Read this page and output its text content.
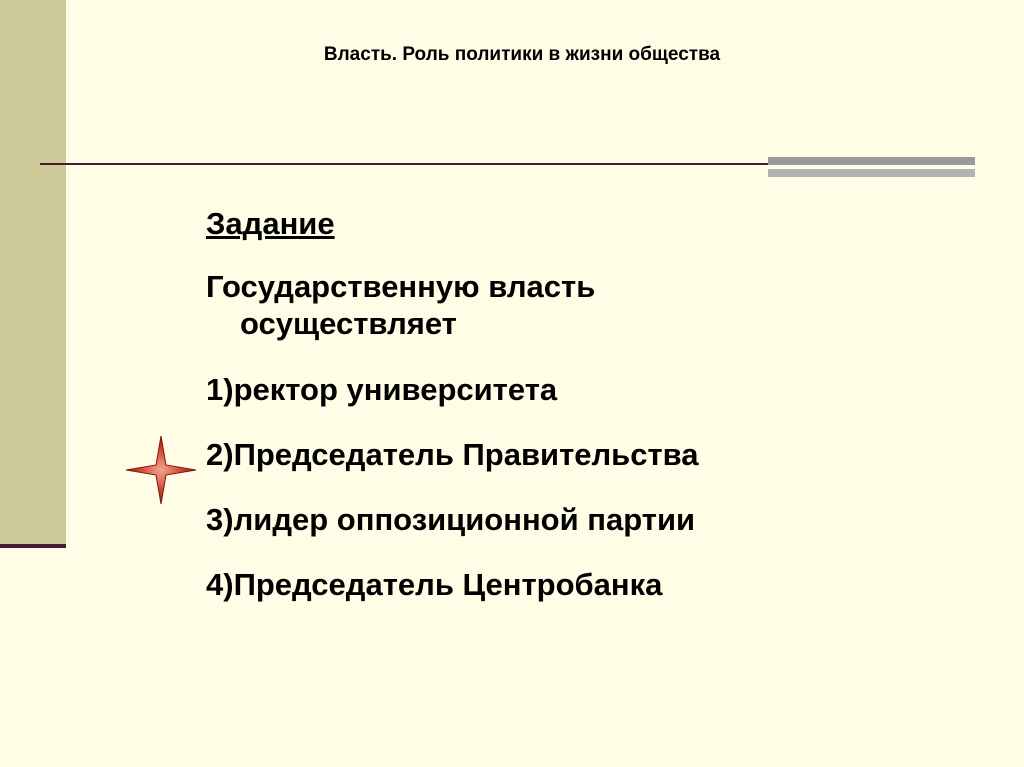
Власть. Роль политики в жизни общества
Задание
Государственную власть
осуществляет
1) ректор университета
2) Председатель Правительства
3) лидер оппозиционной партии
4) Председатель Центробанка
